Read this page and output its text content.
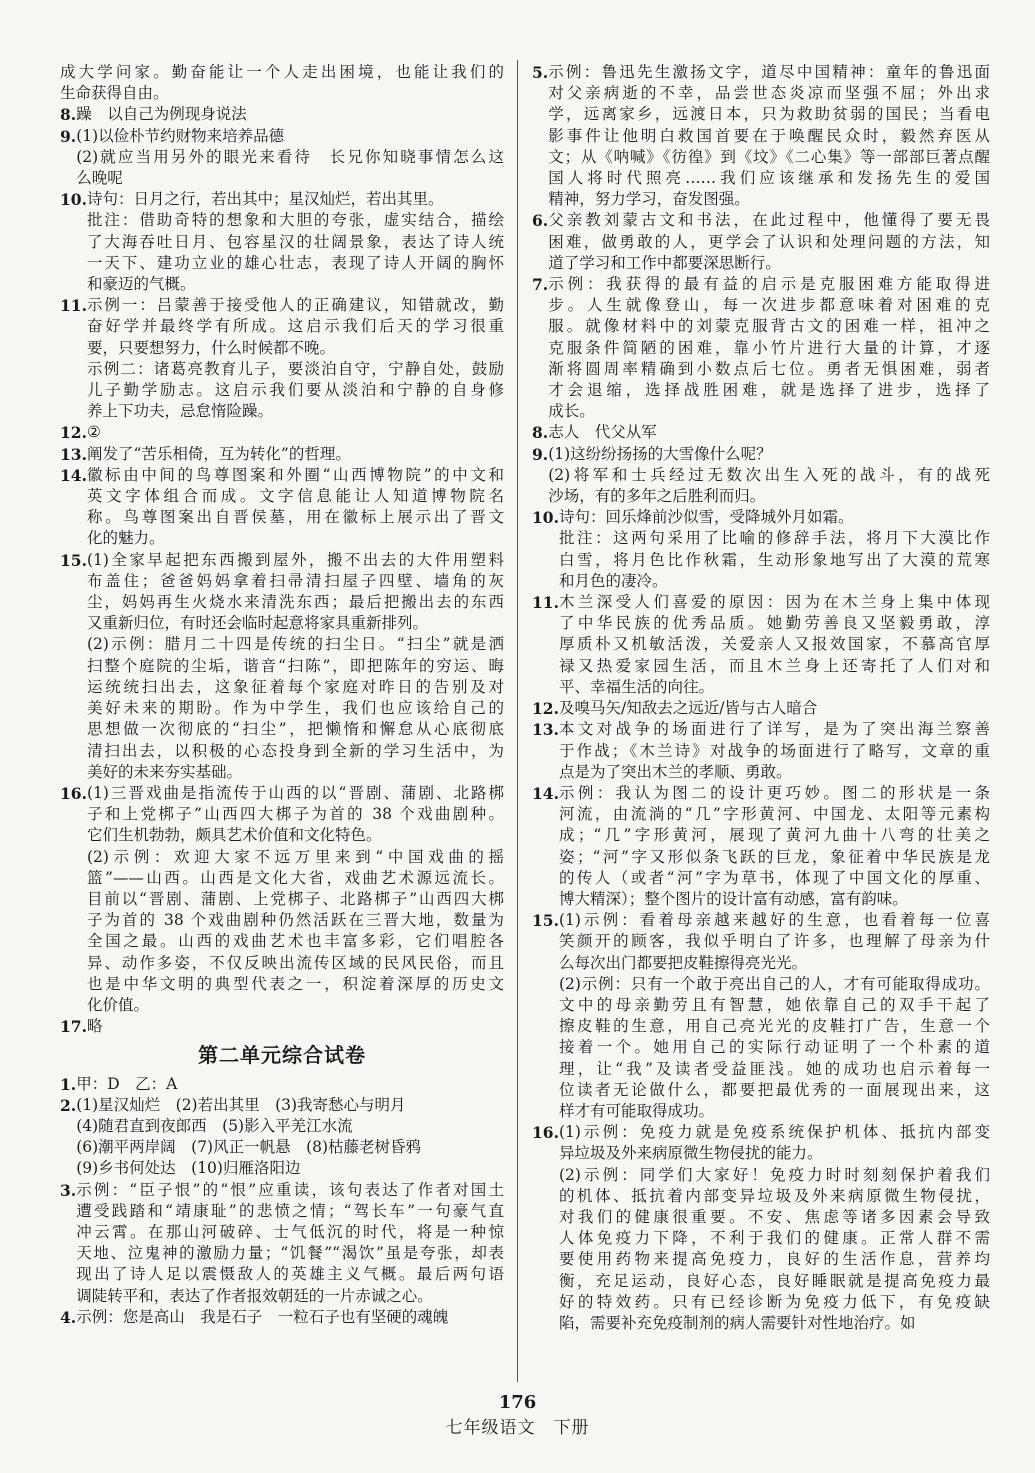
成大学问家。勤奋能让一个人走出困境，也能让我们的
生命获得自由。
8. 躁　以自己为例现身说法
9. (1)以俭朴节约财物来培养品德
(2)就应当用另外的眼光来看待　长兄你知晓事情怎么这
么晚呢
10. 诗句：日月之行，若出其中；星汉灿烂，若出其里。
批注：借助奇特的想象和大胆的夸张，虚实结合，描绘
了大海吞吐日月、包容星汉的壮阔景象，表达了诗人统
一天下、建功立业的雄心壮志，表现了诗人开阔的胸怀
和豪迈的气概。
11. 示例一：吕蒙善于接受他人的正确建议，知错就改，勤
奋好学并最终学有所成。这启示我们后天的学习很重
要，只要想努力，什么时候都不晚。
示例二：诸葛亮教育儿子，要淡泊自守，宁静自处，鼓励
儿子勤学励志。这启示我们要从淡泊和宁静的自身修
养上下功夫，忌怠惰险躁。
12. ②
13. 阐发了“苦乐相倚，互为转化”的哲理。
14. 徽标由中间的鸟尊图案和外圈“山西博物院”的中文和
英文字体组合而成。文字信息能让人知道博物院名
称。鸟尊图案出自晋侯墓，用在徽标上展示出了晋文
化的魅力。
15. (1)全家早起把东西搬到屋外，搬不出去的大件用塑料
布盖住；爸爸妈妈拿着扫帚清扫屋子四壁、墙角的灰
尘，妈妈再生火烧水来清洗东西；最后把搬出去的东西
又重新归位，有时还会临时起意将家具重新排列。
(2)示例：腊月二十四是传统的扫尘日。“扫尘”就是洒
扫整个庭院的尘垢，谐音“扫陈”，即把陈年的穷运、晦
运统统扫出去，这象征着每个家庭对昨日的告别及对
美好未来的期盼。作为中学生，我们也应该给自己的
思想做一次彻底的“扫尘”，把懒惰和懈怠从心底彻底
清扫出去，以积极的心态投身到全新的学习生活中，为
美好的未来夯实基础。
16. (1)三晋戏曲是指流传于山西的以“晋剧、蒲剧、北路梆
子和上党梆子”山西四大梆子为首的 38 个戏曲剧种。
它们生机勃勃，颇具艺术价值和文化特色。
(2)示例：欢迎大家不远万里来到“中国戏曲的摇
篮”——山西。山西是文化大省，戏曲艺术源远流长。
目前以“晋剧、蒲剧、上党梆子、北路梆子”山西四大梆
子为首的 38 个戏曲剧种仍然活跃在三晋大地，数量为
全国之最。山西的戏曲艺术也丰富多彩，它们唱腔各
异、动作多姿，不仅反映出流传区域的民风民俗，而且
也是中华文明的典型代表之一，积淀着深厚的历史文
化价值。
17. 略
第二单元综合试卷
1. 甲：D　乙：A
2. (1)星汉灿烂　(2)若出其里　(3)我寄愁心与明月
(4)随君直到夜郎西　(5)影入平羌江水流
(6)潮平两岸阔　(7)风正一帆悬　(8)枯藤老树昏鸦
(9)乡书何处达　(10)归雁洛阳边
3. 示例：“臣子恨”的“恨”应重读，该句表达了作者对国土
遭受践踏和“靖康耻”的悲愤之情；“驾长车”一句豪气直
冲云霄。在那山河破碎、士气低沉的时代，将是一种惊
天地、泣鬼神的激励力量；“饥餐”“渴饮”虽是夸张，却表
现出了诗人足以震慑敌人的英雄主义气概。最后两句语
调陡转平和，表达了作者报效朝廷的一片赤诚之心。
4. 示例：您是高山　我是石子　一粒石子也有坚硬的魂魄
5. 示例：鲁迅先生激扬文字，道尽中国精神：童年的鲁迅面
对父亲病逝的不幸，品尝世态炎凉而坚强不屈；外出求
学，远离家乡，远渡日本，只为救助贫弱的国民；当看电
影事件让他明白救国首要在于唤醒民众时，毅然弃医从
文；从《呐喊》《彷徨》到《坟》《二心集》等一部部巨著点醒
国人将时代照亮……我们应该继承和发扬先生的爱国
精神，努力学习，奋发图强。
6. 父亲教刘蒙古文和书法，在此过程中，他懂得了要无畏
困难，做勇敢的人，更学会了认识和处理问题的方法，知
道了学习和工作中都要深思断行。
7. 示例：我获得的最有益的启示是克服困难方能取得进
步。人生就像登山，每一次进步都意味着对困难的克
服。就像材料中的刘蒙克服背古文的困难一样，祖冲之
克服条件简陋的困难，靠小竹片进行大量的计算，才逐
渐将圆周率精确到小数点后七位。勇者无惧困难，弱者
才会退缩，选择战胜困难，就是选择了进步，选择了
成长。
8. 志人　代父从军
9. (1)这纷纷扬扬的大雪像什么呢？
(2)将军和士兵经过无数次出生入死的战斗，有的战死
沙场，有的多年之后胜利而归。
10. 诗句：回乐烽前沙似雪，受降城外月如霜。
批注：这两句采用了比喻的修辞手法，将月下大漠比作
白雪，将月色比作秋霜，生动形象地写出了大漠的荒寒
和月色的凄冷。
11. 木兰深受人们喜爱的原因：因为在木兰身上集中体现
了中华民族的优秀品质。她勤劳善良又坚毅勇敢，淳
厚质朴又机敏活泼，关爱亲人又报效国家，不慕高官厚
禄又热爱家园生活，而且木兰身上还寄托了人们对和
平、幸福生活的向往。
12. 及嗅马矢/知敌去之远近/皆与古人暗合
13. 本文对战争的场面进行了详写，是为了突出海兰察善
于作战；《木兰诗》对战争的场面进行了略写，文章的重
点是为了突出木兰的孝顺、勇敢。
14. 示例：我认为图二的设计更巧妙。图二的形状是一条
河流，由流淌的“几”字形黄河、中国龙、太阳等元素构
成；“几”字形黄河，展现了黄河九曲十八弯的壮美之
姿；“河”字又形似条飞跃的巨龙，象征着中华民族是龙
的传人（或者“河”字为草书，体现了中国文化的厚重、
博大精深）；整个图片的设计富有动感，富有韵味。
15. (1)示例：看着母亲越来越好的生意，也看着每一位喜
笑颜开的顾客，我似乎明白了许多，也理解了母亲为什
么每次出门都要把皮鞋擦得亮光光。
(2)示例：只有一个敢于亮出自己的人，才有可能取得成功。
文中的母亲勤劳且有智慧，她依靠自己的双手干起了
擦皮鞋的生意，用自己亮光光的皮鞋打广告，生意一个
接着一个。她用自己的实际行动证明了一个朴素的道
理，让“我”及读者受益匪浅。她的成功也启示着每一
位读者无论做什么，都要把最优秀的一面展现出来，这
样才有可能取得成功。
16. (1)示例：免疫力就是免疫系统保护机体、抵抗内部变
异垃圾及外来病原微生物侵扰的能力。
(2)示例：同学们大家好！免疫力时时刻刻保护着我们
的机体、抵抗着内部变异垃圾及外来病原微生物侵扰，
对我们的健康很重要。不安、焦虑等诸多因素会导致
人体免疫力下降，不利于我们的健康。正常人群不需
要使用药物来提高免疫力，良好的生活作息，营养均
衡，充足运动，良好心态，良好睡眠就是提高免疫力最
好的特效药。只有已经诊断为免疫力低下，有免疫缺
陷，需要补充免疫制剂的病人需要针对性地治疗。如
176
七年级语文　下册
